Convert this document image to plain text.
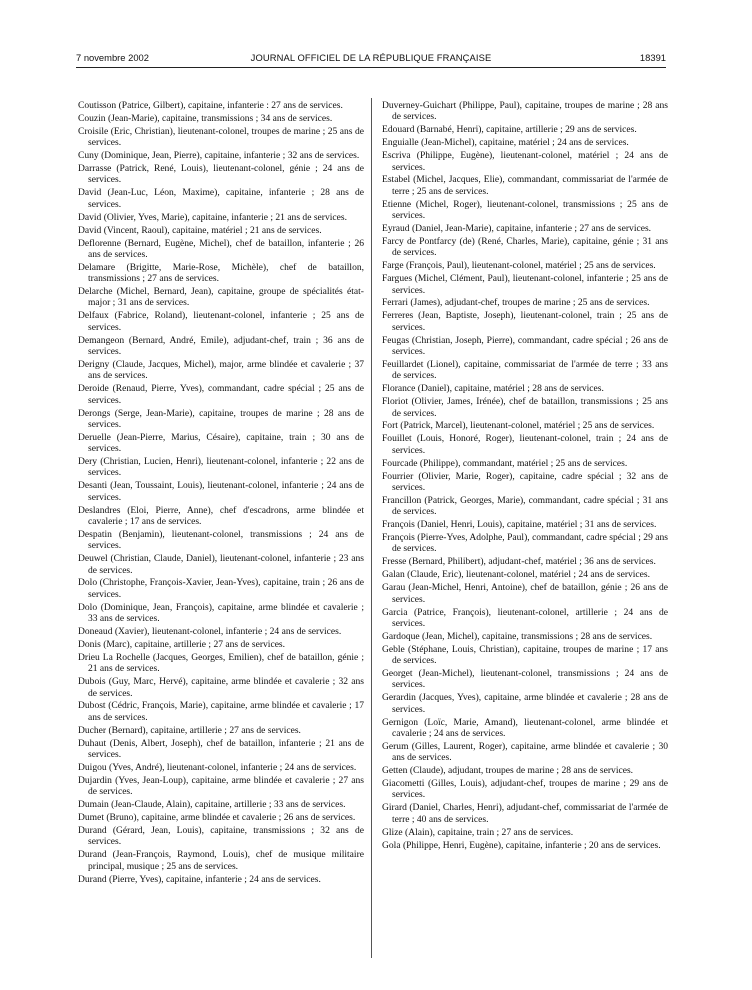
7 novembre 2002	JOURNAL OFFICIEL DE LA RÉPUBLIQUE FRANÇAISE	18391

Coutisson (Patrice, Gilbert), capitaine, infanterie : 27 ans de services.

Couzin (Jean-Marie), capitaine, transmissions ; 34 ans de services.

Croisile (Eric, Christian), lieutenant-colonel, troupes de marine ; 25 ans de services.

Cuny (Dominique, Jean, Pierre), capitaine, infanterie ; 32 ans de services.

Darrasse (Patrick, René, Louis), lieutenant-colonel, génie ; 24 ans de services.

David (Jean-Luc, Léon, Maxime), capitaine, infanterie ; 28 ans de services.

David (Olivier, Yves, Marie), capitaine, infanterie ; 21 ans de services.

David (Vincent, Raoul), capitaine, matériel ; 21 ans de services.

Deflorenne (Bernard, Eugène, Michel), chef de bataillon, infanterie ; 26 ans de services.

Delamare (Brigitte, Marie-Rose, Michèle), chef de bataillon, transmissions ; 27 ans de services.

Delarche (Michel, Bernard, Jean), capitaine, groupe de spécialités état-major ; 31 ans de services.

Delfaux (Fabrice, Roland), lieutenant-colonel, infanterie ; 25 ans de services.

Demangeon (Bernard, André, Emile), adjudant-chef, train ; 36 ans de services.

Derigny (Claude, Jacques, Michel), major, arme blindée et cavalerie ; 37 ans de services.

Deroide (Renaud, Pierre, Yves), commandant, cadre spécial ; 25 ans de services.

Derongs (Serge, Jean-Marie), capitaine, troupes de marine ; 28 ans de services.

Deruelle (Jean-Pierre, Marius, Césaire), capitaine, train ; 30 ans de services.

Dery (Christian, Lucien, Henri), lieutenant-colonel, infanterie ; 22 ans de services.

Desanti (Jean, Toussaint, Louis), lieutenant-colonel, infanterie ; 24 ans de services.

Deslandres (Eloi, Pierre, Anne), chef d'escadrons, arme blindée et cavalerie ; 17 ans de services.

Despatin (Benjamin), lieutenant-colonel, transmissions ; 24 ans de services.

Deuwel (Christian, Claude, Daniel), lieutenant-colonel, infanterie ; 23 ans de services.

Dolo (Christophe, François-Xavier, Jean-Yves), capitaine, train ; 26 ans de services.

Dolo (Dominique, Jean, François), capitaine, arme blindée et cavalerie ; 33 ans de services.

Doneaud (Xavier), lieutenant-colonel, infanterie ; 24 ans de services.

Donis (Marc), capitaine, artillerie ; 27 ans de services.

Drieu La Rochelle (Jacques, Georges, Emilien), chef de bataillon, génie ; 21 ans de services.

Dubois (Guy, Marc, Hervé), capitaine, arme blindée et cavalerie ; 32 ans de services.

Dubost (Cédric, François, Marie), capitaine, arme blindée et cavalerie ; 17 ans de services.

Ducher (Bernard), capitaine, artillerie ; 27 ans de services.

Duhaut (Denis, Albert, Joseph), chef de bataillon, infanterie ; 21 ans de services.

Duigou (Yves, André), lieutenant-colonel, infanterie ; 24 ans de services.

Dujardin (Yves, Jean-Loup), capitaine, arme blindée et cavalerie ; 27 ans de services.

Dumain (Jean-Claude, Alain), capitaine, artillerie ; 33 ans de services.

Dumet (Bruno), capitaine, arme blindée et cavalerie ; 26 ans de services.

Durand (Gérard, Jean, Louis), capitaine, transmissions ; 32 ans de services.

Durand (Jean-François, Raymond, Louis), chef de musique militaire principal, musique ; 25 ans de services.

Durand (Pierre, Yves), capitaine, infanterie ; 24 ans de services.

Duverney-Guichart (Philippe, Paul), capitaine, troupes de marine ; 28 ans de services.

Edouard (Barnabé, Henri), capitaine, artillerie ; 29 ans de services.

Enguialle (Jean-Michel), capitaine, matériel ; 24 ans de services.

Escriva (Philippe, Eugène), lieutenant-colonel, matériel ; 24 ans de services.

Estabel (Michel, Jacques, Elie), commandant, commissariat de l'armée de terre ; 25 ans de services.

Etienne (Michel, Roger), lieutenant-colonel, transmissions ; 25 ans de services.

Eyraud (Daniel, Jean-Marie), capitaine, infanterie ; 27 ans de services.

Farcy de Pontfarcy (de) (René, Charles, Marie), capitaine, génie ; 31 ans de services.

Farge (François, Paul), lieutenant-colonel, matériel ; 25 ans de services.

Fargues (Michel, Clément, Paul), lieutenant-colonel, infanterie ; 25 ans de services.

Ferrari (James), adjudant-chef, troupes de marine ; 25 ans de services.

Ferreres (Jean, Baptiste, Joseph), lieutenant-colonel, train ; 25 ans de services.

Feugas (Christian, Joseph, Pierre), commandant, cadre spécial ; 26 ans de services.

Feuillardet (Lionel), capitaine, commissariat de l'armée de terre ; 33 ans de services.

Florance (Daniel), capitaine, matériel ; 28 ans de services.

Floriot (Olivier, James, Irénée), chef de bataillon, transmissions ; 25 ans de services.

Fort (Patrick, Marcel), lieutenant-colonel, matériel ; 25 ans de services.

Fouillet (Louis, Honoré, Roger), lieutenant-colonel, train ; 24 ans de services.

Fourcade (Philippe), commandant, matériel ; 25 ans de services.

Fourrier (Olivier, Marie, Roger), capitaine, cadre spécial ; 32 ans de services.

Francillon (Patrick, Georges, Marie), commandant, cadre spécial ; 31 ans de services.

François (Daniel, Henri, Louis), capitaine, matériel ; 31 ans de services.

François (Pierre-Yves, Adolphe, Paul), commandant, cadre spécial ; 29 ans de services.

Fresse (Bernard, Philibert), adjudant-chef, matériel ; 36 ans de services.

Galan (Claude, Eric), lieutenant-colonel, matériel ; 24 ans de services.

Garau (Jean-Michel, Henri, Antoine), chef de bataillon, génie ; 26 ans de services.

Garcia (Patrice, François), lieutenant-colonel, artillerie ; 24 ans de services.

Gardoque (Jean, Michel), capitaine, transmissions ; 28 ans de services.

Geble (Stéphane, Louis, Christian), capitaine, troupes de marine ; 17 ans de services.

Georget (Jean-Michel), lieutenant-colonel, transmissions ; 24 ans de services.

Gerardin (Jacques, Yves), capitaine, arme blindée et cavalerie ; 28 ans de services.

Gernigon (Loïc, Marie, Amand), lieutenant-colonel, arme blindée et cavalerie ; 24 ans de services.

Gerum (Gilles, Laurent, Roger), capitaine, arme blindée et cavalerie ; 30 ans de services.

Getten (Claude), adjudant, troupes de marine ; 28 ans de services.

Giacometti (Gilles, Louis), adjudant-chef, troupes de marine ; 29 ans de services.

Girard (Daniel, Charles, Henri), adjudant-chef, commissariat de l'armée de terre ; 40 ans de services.

Glize (Alain), capitaine, train ; 27 ans de services.

Gola (Philippe, Henri, Eugène), capitaine, infanterie ; 20 ans de services.
